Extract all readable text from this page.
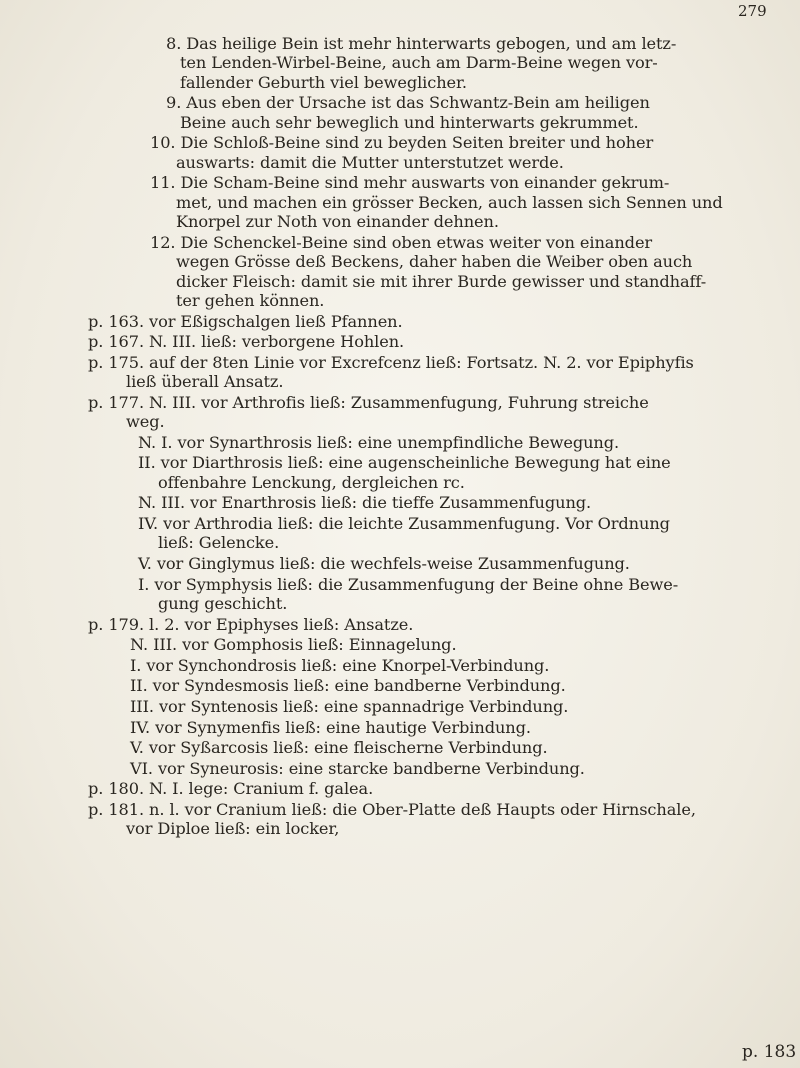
279
8. Das heilige Bein ist mehr hinterwarts gebogen, und am letz-
ten Lenden-Wirbel-Beine, auch am Darm-Beine wegen vor-
fallender Geburth viel beweglicher.
9. Aus eben der Ursache ist das Schwantz-Bein am heiligen
Beine auch sehr beweglich und hinterwarts gekrummet.
10. Die Schloß-Beine sind zu beyden Seiten breiter und hoher
auswarts: damit die Mutter unterstutzet werde.
11. Die Scham-Beine sind mehr auswarts von einander gekrum-
met, und machen ein grösser Becken, auch lassen sich Sennen und
Knorpel zur Noth von einander dehnen.
12. Die Schenckel-Beine sind oben etwas weiter von einander
wegen Grösse deß Beckens, daher haben die Weiber oben auch
dicker Fleisch: damit sie mit ihrer Burde gewisser und standhaff-
ter gehen können.
p. 163. vor Eßigschalgen ließ Pfannen.
p. 167. N. III. ließ: verborgene Hohlen.
p. 175. auf der 8ten Linie vor Excrefcenz ließ: Fortsatz. N. 2. vor Epiphyfis
ließ überall Ansatz.
p. 177. N. III. vor Arthrofis ließ: Zusammenfugung, Fuhrung streiche
weg.
N. I. vor Synarthrosis ließ: eine unempfindliche Bewegung.
II. vor Diarthrosis ließ: eine augenscheinliche Bewegung hat eine
offenbahre Lenckung, dergleichen rc.
N. III. vor Enarthrosis ließ: die tieffe Zusammenfugung.
IV. vor Arthrodia ließ: die leichte Zusammenfugung. Vor Ordnung
ließ: Gelencke.
V. vor Ginglymus ließ: die wechfels-weise Zusammenfugung.
I. vor Symphysis ließ: die Zusammenfugung der Beine ohne Bewe-
gung geschicht.
p. 179. l. 2. vor Epiphyses ließ: Ansatze.
N. III. vor Gomphosis ließ: Einnagelung.
I. vor Synchondrosis ließ: eine Knorpel-Verbindung.
II. vor Syndesmosis ließ: eine bandberne Verbindung.
III. vor Syntenosis ließ: eine spannadrige Verbindung.
IV. vor Synymenfis ließ: eine hautige Verbindung.
V. vor Syßarcosis ließ: eine fleischerne Verbindung.
VI. vor Syneurosis: eine starcke bandberne Verbindung.
p. 180. N. I. lege: Cranium f. galea.
p. 181. n. l. vor Cranium ließ: die Ober-Platte deß Haupts oder Hirnschale,
vor Diploe ließ: ein locker,
p. 183
